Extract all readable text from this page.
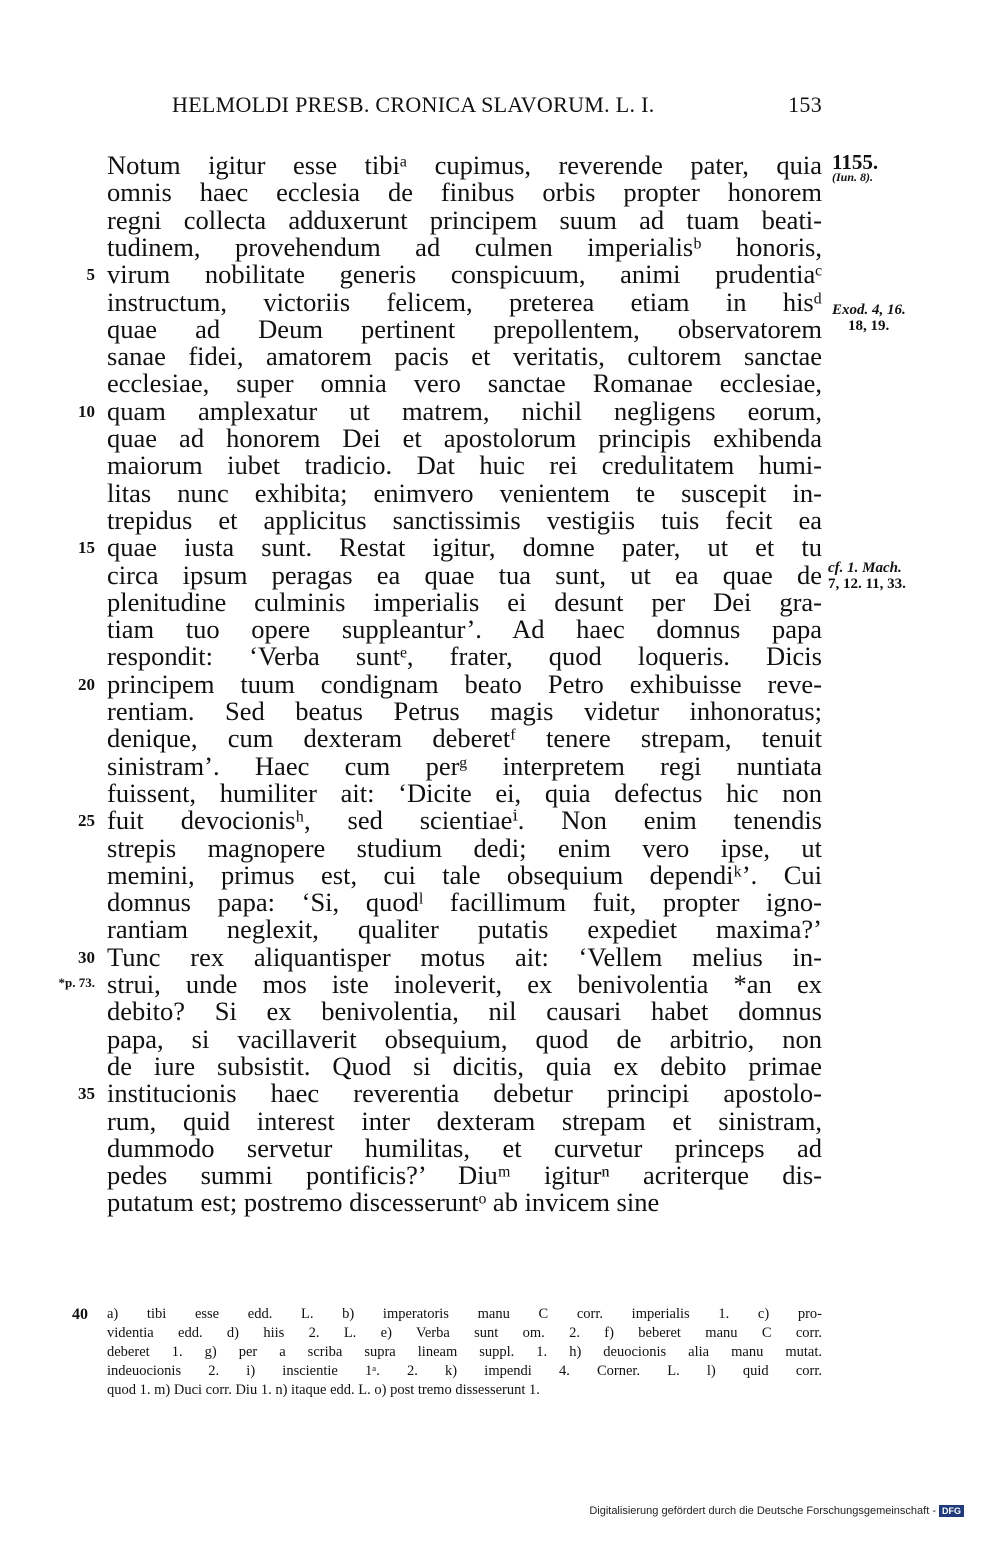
HELMOLDI PRESB. CRONICA SLAVORUM. L. I.	153
Notum igitur esse tibiᵃ cupimus, reverende pater, quia
omnis haec ecclesia de finibus orbis propter honorem
regni collecta adduxerunt principem suum ad tuam beati-
tudinem, provehendum ad culmen imperialisᵇ honoris,
virum nobilitate generis conspicuum, animi prudentiaᶜ
instructum, victoriis felicem, preterea etiam in hisᵈ
quae ad Deum pertinent prepollentem, observatorem
sanae fidei, amatorem pacis et veritatis, cultorem sanctae
ecclesiae, super omnia vero sanctae Romanae ecclesiae,
quam amplexatur ut matrem, nichil negligens eorum,
quae ad honorem Dei et apostolorum principis exhibenda
maiorum iubet tradicio. Dat huic rei credulitatem humi-
litas nunc exhibita; enimvero venientem te suscepit in-
trepidus et applicitus sanctissimis vestigiis tuis fecit ea
quae iusta sunt. Restat igitur, domne pater, ut et tu
circa ipsum peragas ea quae tua sunt, ut ea quae de
plenitudine culminis imperialis ei desunt per Dei gra-
tiam tuo opere suppleantur’. Ad haec domnus papa
respondit: ‘Verba suntᵉ, frater, quod loqueris. Dicis
principem tuum condignam beato Petro exhibuisse reve-
rentiam. Sed beatus Petrus magis videtur inhonoratus;
denique, cum dexteram deberetᶠ tenere strepam, tenuit
sinistram’. Haec cum perᵍ interpretem regi nuntiata
fuissent, humiliter ait: ‘Dicite ei, quia defectus hic non
fuit devocionisʰ, sed scientiaeⁱ. Non enim tenendis
strepis magnopere studium dedi; enim vero ipse, ut
memini, primus est, cui tale obsequium dependiᵏ’. Cui
domnus papa: ‘Si, quodˡ facillimum fuit, propter igno-
rantiam neglexit, qualiter putatis expediet maxima?’
Tunc rex aliquantisper motus ait: ‘Vellem melius in-
strui, unde mos iste inoleverit, ex benivolentia *an ex
debito? Si ex benivolentia, nil causari habet domnus
papa, si vacillaverit obsequium, quod de arbitrio, non
de iure subsistit. Quod si dicitis, quia ex debito primae
institucionis haec reverentia debetur principi apostolo-
rum, quid interest inter dexteram strepam et sinistram,
dummodo servetur humilitas, et curvetur princeps ad
pedes summi pontificis?’ Diuᵐ igiturⁿ acriterque dis-
putatum est; postremo discesseruntᵒ ab invicem sine
5
10
15
20
25
30
*p. 73.
35
1155.
(Iun. 8).
Exod. 4, 16.
18, 19.
cf. 1. Mach.
7, 12. 11, 33.
40 a) tibi esse edd. L. b) imperatoris manu C corr. imperialis 1. c) pro-
videntia edd. d) hiis 2. L. e) Verba sunt om. 2. f) beberet manu C corr.
deberet 1. g) per a scriba supra lineam suppl. 1. h) deuocionis alia manu mutat.
indeuocionis 2. i) inscientie 1ᵃ. 2. k) impendi 4. Corner. L. l) quid corr.
quod 1. m) Duci corr. Diu 1. n) itaque edd. L. o) post tremo dissesserunt 1.
Digitalisierung gefördert durch die Deutsche Forschungsgemeinschaft - DFG
